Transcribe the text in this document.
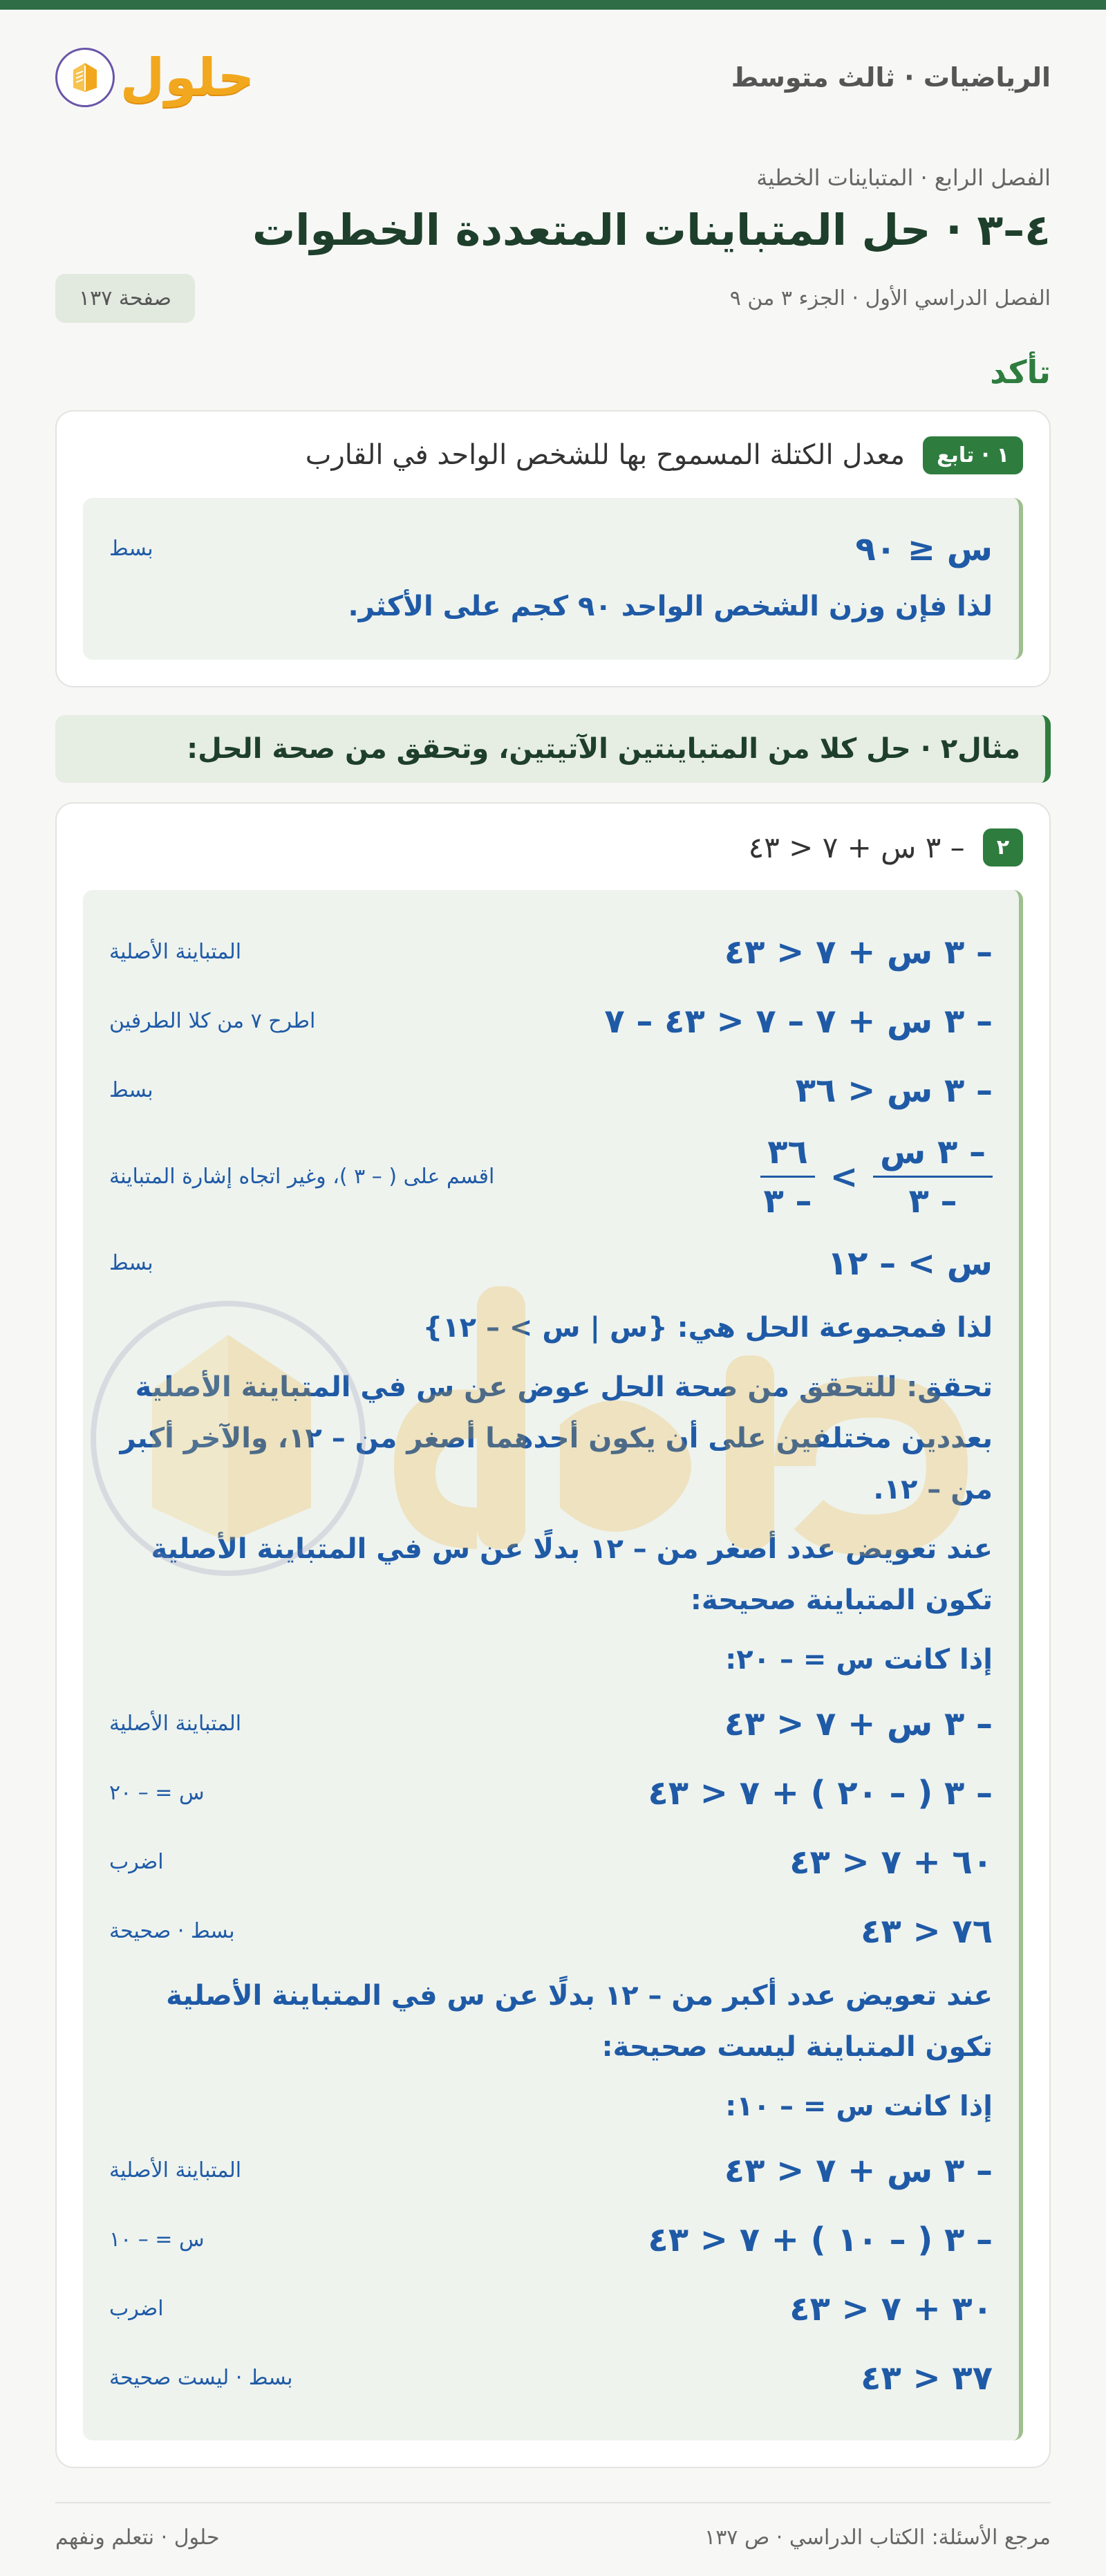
الرياضيات · ثالث متوسط
حلول
الفصل الرابع · المتباينات الخطية
٤–٣ · حل المتباينات المتعددة الخطوات
الفصل الدراسي الأول · الجزء ٣ من ٩
صفحة ١٣٧
تأكد
١ · تابع
معدل الكتلة المسموح بها للشخص الواحد في القارب
س ≤ ٩٠
بسط
لذا فإن وزن الشخص الواحد ٩٠ كجم على الأكثر.
مثال٢ · حل كلا من المتباينتين الآتيتين، وتحقق من صحة الحل:
٢
– ٣ س + ٧ < ٤٣
– ٣ س + ٧ < ٤٣
المتباينة الأصلية
– ٣ س + ٧ – ٧ < ٤٣ – ٧
اطرح ٧ من كلا الطرفين
– ٣ س < ٣٦
بسط
$\frac{\text{– ٣ س}}{- ٣}$
>
$\frac{٣٦}{- ٣}$
اقسم على ( – ٣ )، وغير اتجاه إشارة المتباينة
س > – ١٢
بسط
لذا فمجموعة الحل هي: {س | س > – ١٢}
تحقق: للتحقق من صحة الحل عوض عن س في المتباينة الأصلية بعددين مختلفين على أن يكون أحدهما أصغر من – ١٢، والآخر أكبر من – ١٢.
عند تعويض عدد أصغر من – ١٢ بدلًا عن س في المتباينة الأصلية تكون المتباينة صحيحة:
إذا كانت س = – ٢٠:
– ٣ س + ٧ < ٤٣
المتباينة الأصلية
– ٣ ( – ٢٠ ) + ٧ < ٤٣
س = – ٢٠
٦٠ + ٧ < ٤٣
اضرب
٧٦ < ٤٣
بسط · صحيحة
عند تعويض عدد أكبر من – ١٢ بدلًا عن س في المتباينة الأصلية تكون المتباينة ليست صحيحة:
إذا كانت س = – ١٠:
– ٣ س + ٧ < ٤٣
المتباينة الأصلية
– ٣ ( – ١٠ ) + ٧ < ٤٣
س = – ١٠
٣٠ + ٧ < ٤٣
اضرب
٣٧ < ٤٣
بسط · ليست صحيحة
مرجع الأسئلة: الكتاب الدراسي · ص ١٣٧
حلول · نتعلم ونفهم
